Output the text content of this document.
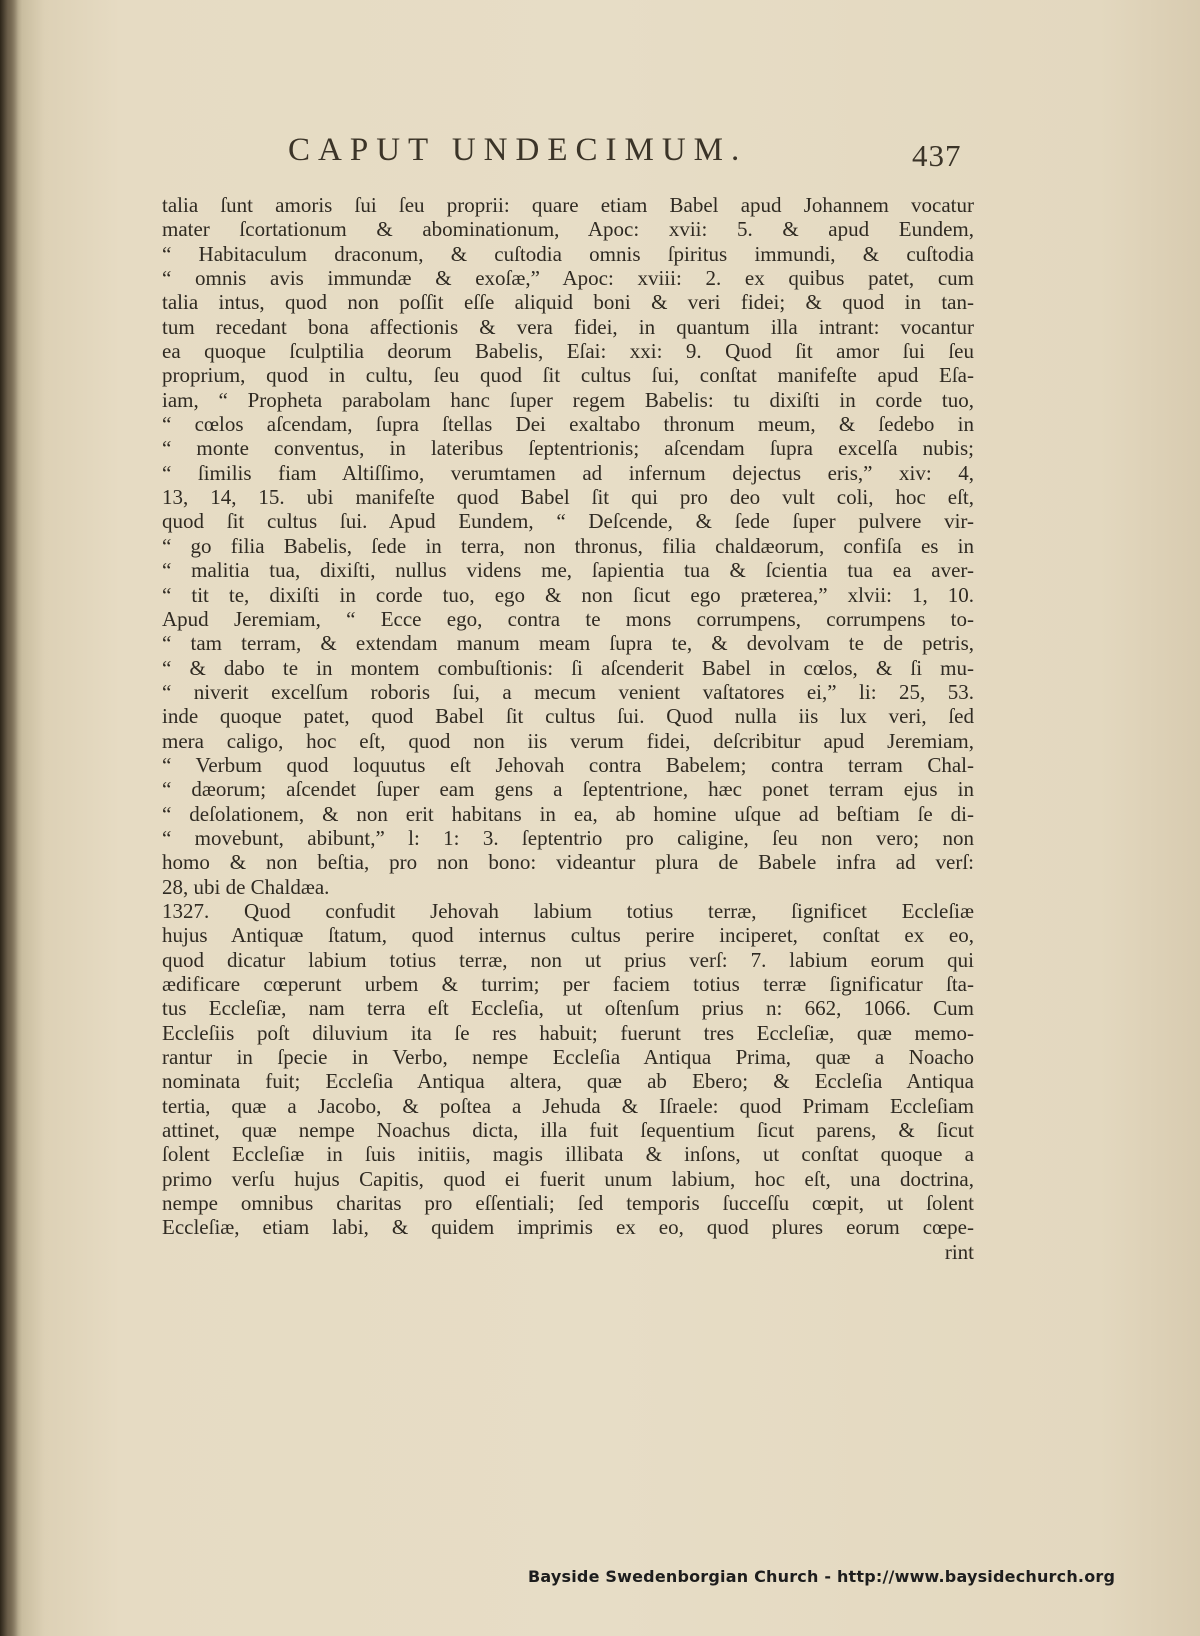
CAPUT UNDECIMUM.	437
talia ſunt amoris ſui ſeu proprii: quare etiam Babel apud Johannem vocatur
mater ſcortationum & abominationum, Apoc: xvii: 5. & apud Eundem,
“ Habitaculum draconum, & cuſtodia omnis ſpiritus immundi, & cuſtodia
“ omnis avis immundæ & exoſæ,” Apoc: xviii: 2. ex quibus patet, cum
talia intus, quod non poſſit eſſe aliquid boni & veri fidei; & quod in tan-
tum recedant bona affectionis & vera fidei, in quantum illa intrant: vocantur
ea quoque ſculptilia deorum Babelis, Eſai: xxi: 9. Quod ſit amor ſui ſeu
proprium, quod in cultu, ſeu quod ſit cultus ſui, conſtat manifeſte apud Eſa-
iam, “ Propheta parabolam hanc ſuper regem Babelis: tu dixiſti in corde tuo,
“ cœlos aſcendam, ſupra ſtellas Dei exaltabo thronum meum, & ſedebo in
“ monte conventus, in lateribus ſeptentrionis; aſcendam ſupra excelſa nubis;
“ ſimilis fiam Altiſſimo, verumtamen ad infernum dejectus eris,” xiv: 4,
13, 14, 15. ubi manifeſte quod Babel ſit qui pro deo vult coli, hoc eſt,
quod ſit cultus ſui. Apud Eundem, “ Deſcende, & ſede ſuper pulvere vir-
“ go filia Babelis, ſede in terra, non thronus, filia chaldæorum, confiſa es in
“ malitia tua, dixiſti, nullus videns me, ſapientia tua & ſcientia tua ea aver-
“ tit te, dixiſti in corde tuo, ego & non ſicut ego præterea,” xlvii: 1, 10.
Apud Jeremiam, “ Ecce ego, contra te mons corrumpens, corrumpens to-
“ tam terram, & extendam manum meam ſupra te, & devolvam te de petris,
“ & dabo te in montem combuſtionis: ſi aſcenderit Babel in cœlos, & ſi mu-
“ niverit excelſum roboris ſui, a mecum venient vaſtatores ei,” li: 25, 53.
inde quoque patet, quod Babel ſit cultus ſui. Quod nulla iis lux veri, ſed
mera caligo, hoc eſt, quod non iis verum fidei, deſcribitur apud Jeremiam,
“ Verbum quod loquutus eſt Jehovah contra Babelem; contra terram Chal-
“ dæorum; aſcendet ſuper eam gens a ſeptentrione, hæc ponet terram ejus in
“ deſolationem, & non erit habitans in ea, ab homine uſque ad beſtiam ſe di-
“ movebunt, abibunt,” l: 1: 3. ſeptentrio pro caligine, ſeu non vero; non
homo & non beſtia, pro non bono: videantur plura de Babele infra ad verſ:
28, ubi de Chaldæa.
1327. Quod confudit Jehovah labium totius terræ, ſignificet Eccleſiæ
hujus Antiquæ ſtatum, quod internus cultus perire inciperet, conſtat ex eo,
quod dicatur labium totius terræ, non ut prius verſ: 7. labium eorum qui
ædificare cœperunt urbem & turrim; per faciem totius terræ ſignificatur ſta-
tus Eccleſiæ, nam terra eſt Eccleſia, ut oſtenſum prius n: 662, 1066. Cum
Eccleſiis poſt diluvium ita ſe res habuit; fuerunt tres Eccleſiæ, quæ memo-
rantur in ſpecie in Verbo, nempe Eccleſia Antiqua Prima, quæ a Noacho
nominata fuit; Eccleſia Antiqua altera, quæ ab Ebero; & Eccleſia Antiqua
tertia, quæ a Jacobo, & poſtea a Jehuda & Iſraele: quod Primam Eccleſiam
attinet, quæ nempe Noachus dicta, illa fuit ſequentium ſicut parens, & ſicut
ſolent Eccleſiæ in ſuis initiis, magis illibata & inſons, ut conſtat quoque a
primo verſu hujus Capitis, quod ei fuerit unum labium, hoc eſt, una doctrina,
nempe omnibus charitas pro eſſentiali; ſed temporis ſucceſſu cœpit, ut ſolent
Eccleſiæ, etiam labi, & quidem imprimis ex eo, quod plures eorum cœpe-
rint
Bayside Swedenborgian Church - http://www.baysidechurch.org
